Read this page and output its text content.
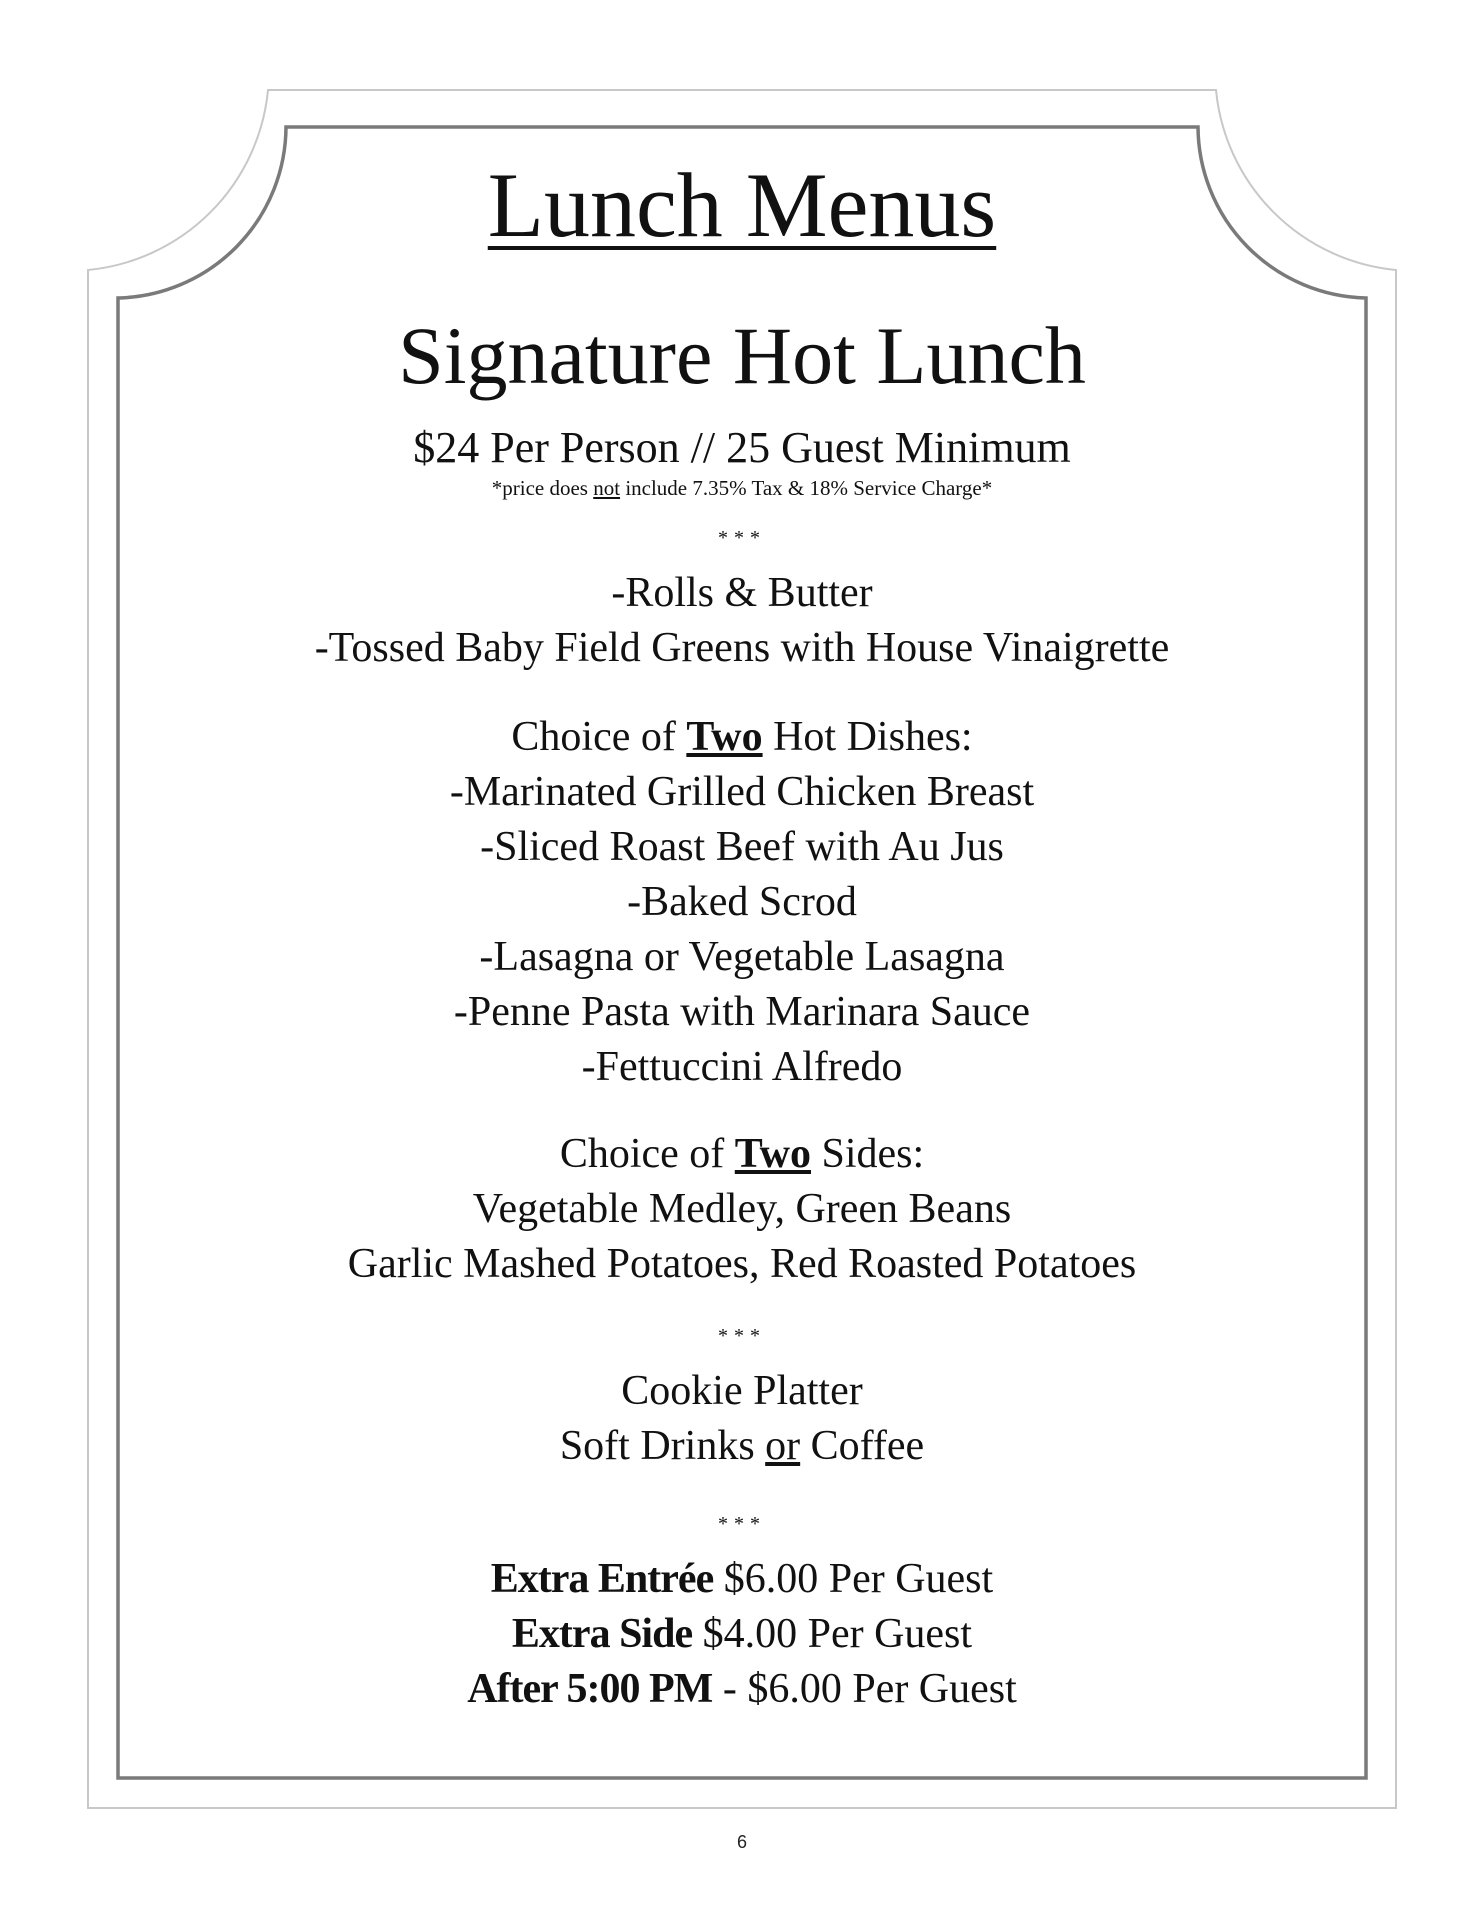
Lunch Menus
Signature Hot Lunch
$24 Per Person // 25 Guest Minimum
*price does not include 7.35% Tax & 18% Service Charge*
***
-Rolls & Butter
-Tossed Baby Field Greens with House Vinaigrette
Choice of Two Hot Dishes:
-Marinated Grilled Chicken Breast
-Sliced Roast Beef with Au Jus
-Baked Scrod
-Lasagna or Vegetable Lasagna
-Penne Pasta with Marinara Sauce
-Fettuccini Alfredo
Choice of Two Sides:
Vegetable Medley, Green Beans
Garlic Mashed Potatoes, Red Roasted Potatoes
***
Cookie Platter
Soft Drinks or Coffee
***
Extra Entrée $6.00 Per Guest
Extra Side $4.00 Per Guest
After 5:00 PM - $6.00 Per Guest
6
